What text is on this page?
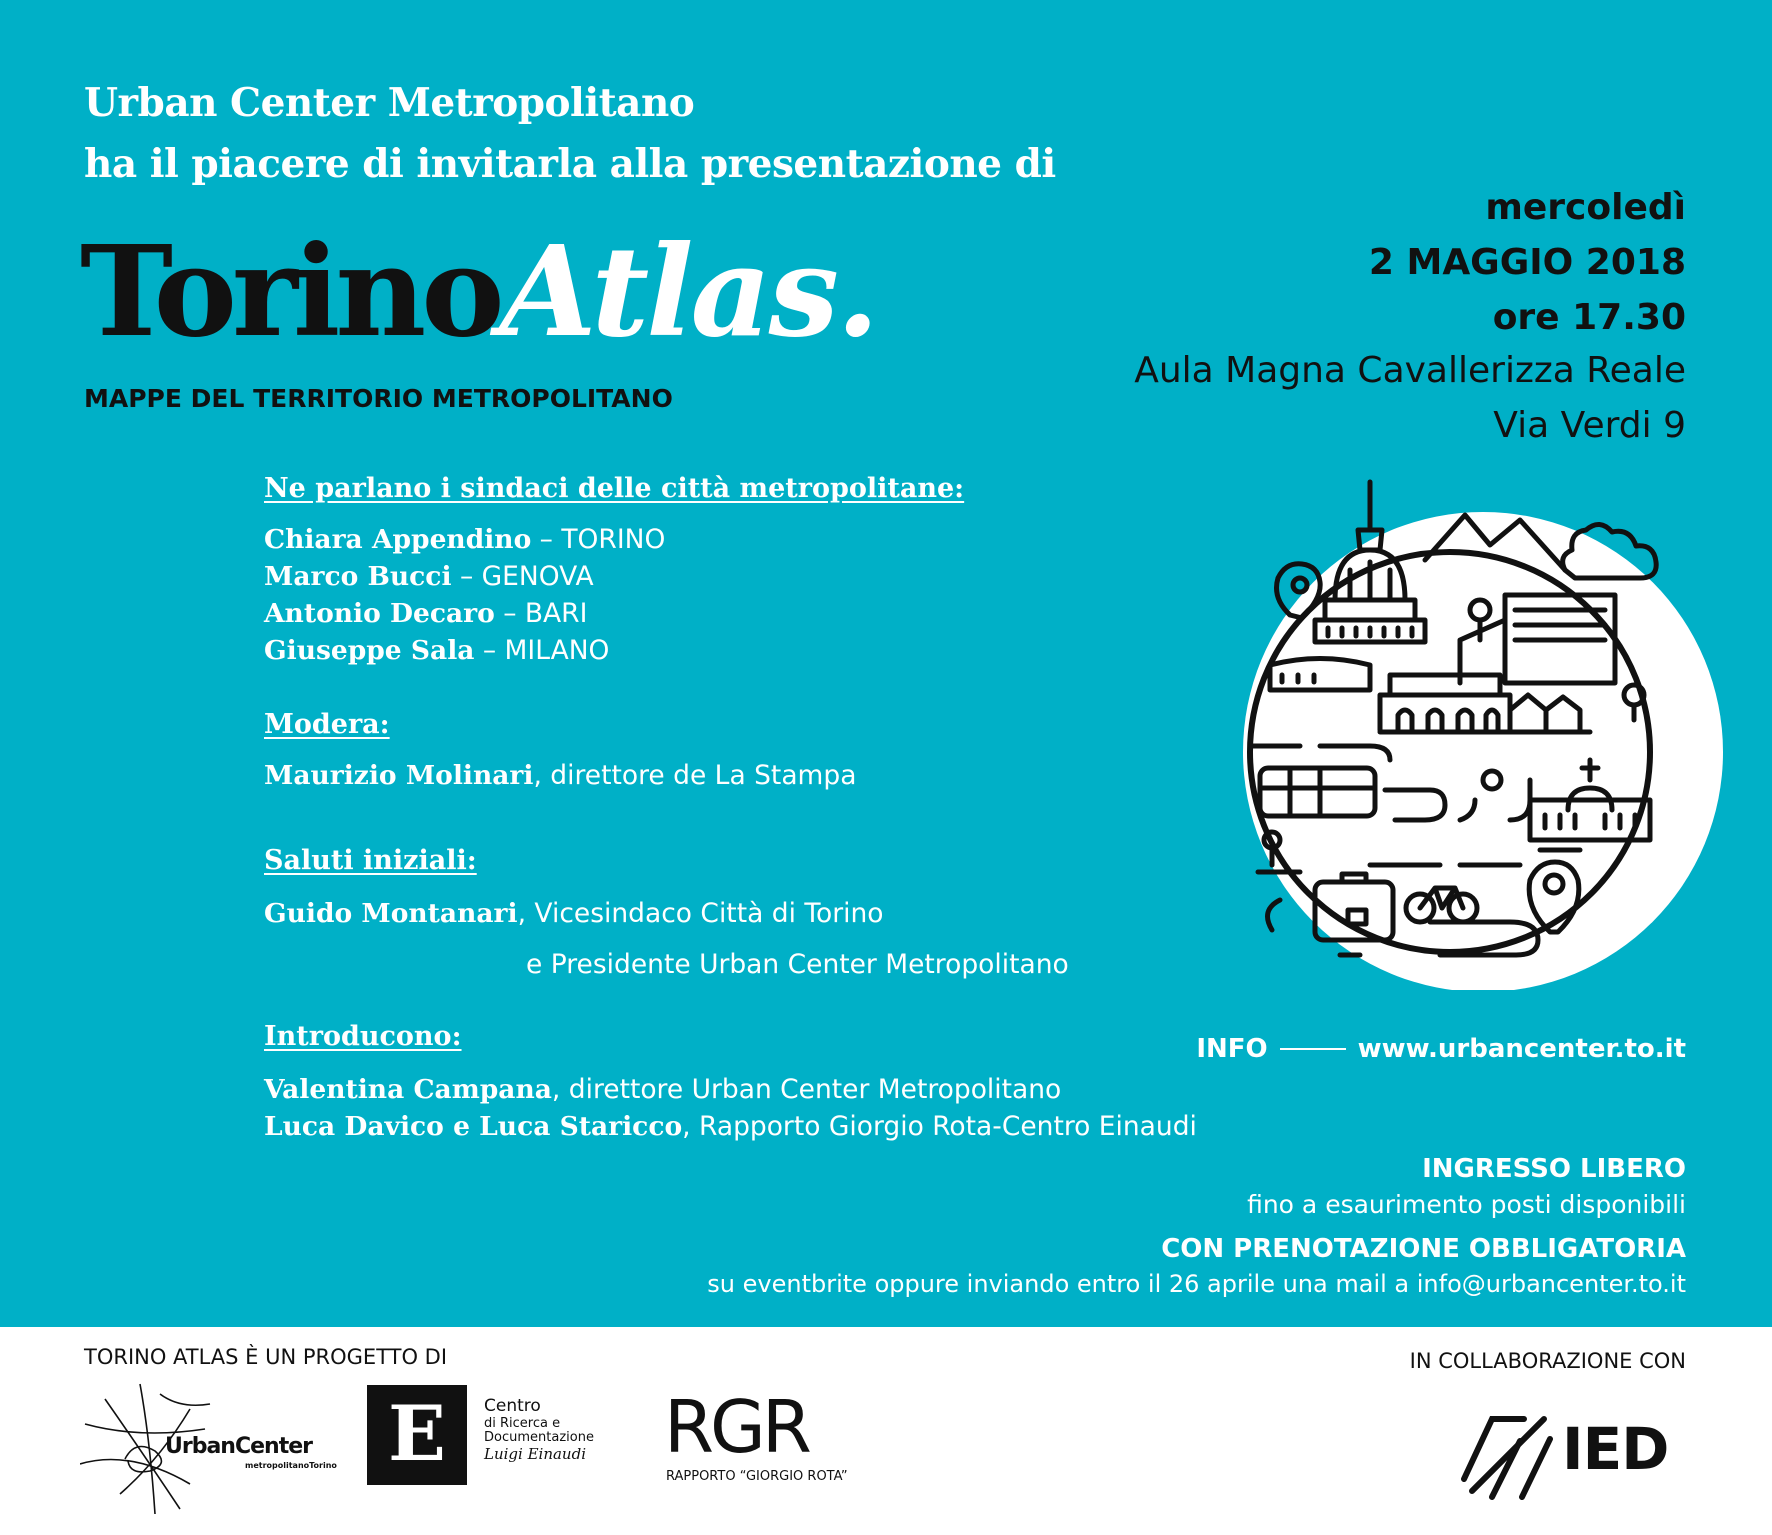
Urban Center Metropolitano
ha il piacere di invitarla alla presentazione di
TorinoAtlas.
MAPPE DEL TERRITORIO METROPOLITANO
mercoledì
2 MAGGIO 2018
ore 17.30
Aula Magna Cavallerizza Reale
Via Verdi 9
Ne parlano i sindaci delle città metropolitane:
Chiara Appendino – TORINO
Marco Bucci – GENOVA
Antonio Decaro – BARI
Giuseppe Sala – MILANO
Modera:
Maurizio Molinari, direttore de La Stampa
Saluti iniziali:
Guido Montanari, Vicesindaco Città di Torino
e Presidente Urban Center Metropolitano
Introducono:
Valentina Campana, direttore Urban Center Metropolitano
Luca Davico e Luca Staricco, Rapporto Giorgio Rota-Centro Einaudi
INFO	www.urbancenter.to.it
INGRESSO LIBERO
fino a esaurimento posti disponibili
CON PRENOTAZIONE OBBLIGATORIA
su eventbrite oppure inviando entro il 26 aprile una mail a info@urbancenter.to.it
TORINO ATLAS È UN PROGETTO DI	IN COLLABORAZIONE CON
UrbanCenter
metropolitanoTorino E	Centro
di Ricerca e
Documentazione
Luigi Einaudi RGR
RAPPORTO “GIORGIO ROTA”	IED
